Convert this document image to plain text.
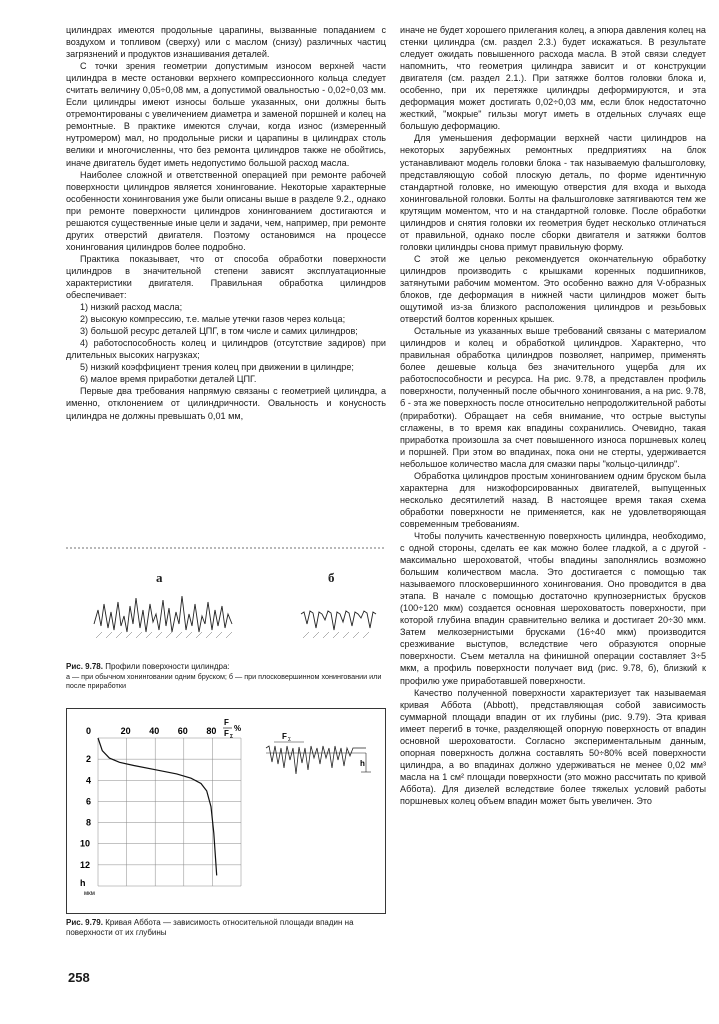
цилиндрах имеются продольные царапины, вызванные попаданием с воздухом и топливом (сверху) или с маслом (снизу) различных частиц загрязнений и продуктов изнашивания деталей.

С точки зрения геометрии допустимым износом верхней части цилиндра в месте остановки верхнего компрессионного кольца следует считать величину 0,05÷0,08 мм, а допустимой овальностью - 0,02÷0,03 мм. Если цилиндры имеют износы больше указанных, они должны быть отремонтированы с увеличением диаметра и заменой поршней и колец на ремонтные. В практике имеются случаи, когда износ (измеренный нутромером) мал, но продольные риски и царапины в цилиндрах столь велики и многочисленны, что без ремонта цилиндров также не обойтись, иначе двигатель будет иметь недопустимо большой расход масла.

Наиболее сложной и ответственной операцией при ремонте рабочей поверхности цилиндров является хонингование. Некоторые характерные особенности хонингования уже были описаны выше в разделе 9.2., однако при ремонте поверхности цилиндров хонингованием достигаются и решаются существенные иные цели и задачи, чем, например, при ремонте других отверстий двигателя. Поэтому остановимся на процессе хонингования цилиндров более подробно.

Практика показывает, что от способа обработки поверхности цилиндров в значительной степени зависят эксплуатационные характеристики двигателя. Правильная обработка цилиндров обеспечивает:

1) низкий расход масла;

2) высокую компрессию, т.е. малые утечки газов через кольца;

3) большой ресурс деталей ЦПГ, в том числе и самих цилиндров;

4) работоспособность колец и цилиндров (отсутствие задиров) при длительных высоких нагрузках;

5) низкий коэффициент трения колец при движении в цилиндре;

6) малое время приработки деталей ЦПГ.

Первые два требования напрямую связаны с геометрией цилиндра, а именно, отклонением от цилиндричности. Овальность и конусность цилиндра не должны превышать 0,01 мм,

а	б
Рис. 9.78. Профили поверхности цилиндра:
а — при обычном хонинговании одним бруском; б — при плосковершинном хонинговании или после приработки
20 40 60 80
2
4
6
8
10
12
0
F
F Σ
%
h
мкм
F Σ
h
Рис. 9.79. Кривая Аббота — зависимость относительной площади впадин на поверхности от их глубины
258

иначе не будет хорошего прилегания колец, а эпюра давления колец на стенки цилиндра (см. раздел 2.3.) будет искажаться. В результате следует ожидать повышенного расхода масла. В этой связи следует напомнить, что геометрия цилиндра зависит и от конструкции двигателя (см. раздел 2.1.). При затяжке болтов головки блока и, особенно, при их перетяжке цилиндры деформируются, и эта деформация может достигать 0,02÷0,03 мм, если блок недостаточно жесткий, "мокрые" гильзы могут иметь в отдельных случаях еще большую деформацию.

Для уменьшения деформации верхней части цилиндров на некоторых зарубежных ремонтных предприятиях на блок устанавливают модель головки блока - так называемую фальшголовку, представляющую собой плоскую деталь, по форме идентичную стандартной головке, но имеющую отверстия для входа и выхода хонинговальной головки. Болты на фальшголовке затягиваются тем же крутящим моментом, что и на стандартной головке. После обработки цилиндров и снятия головки их геометрия будет несколько отличаться от правильной, однако после сборки двигателя и затяжки болтов головки цилиндры снова примут правильную форму.

С этой же целью рекомендуется окончательную обработку цилиндров производить с крышками коренных подшипников, затянутыми рабочим моментом. Это особенно важно для V-образных блоков, где деформация в нижней части цилиндров может быть ощутимой из-за близкого расположения цилиндров и резьбовых отверстий болтов коренных крышек.

Остальные из указанных выше требований связаны с материалом цилиндров и колец и обработкой цилиндров. Характерно, что правильная обработка цилиндров позволяет, например, применять более дешевые кольца без значительного ущерба для их работоспособности и ресурса. На рис. 9.78, а представлен профиль поверхности, полученный после обычного хонингования, а на рис. 9.78, б - эта же поверхность после относительно непродолжительной работы (приработки). Обращает на себя внимание, что острые выступы сглажены, в то время как впадины сохранились. Очевидно, такая приработка произошла за счет повышенного износа поршневых колец и поршней. При этом во впадинах, пока они не стерты, удерживается небольшое количество масла для смазки пары "кольцо-цилиндр".

Обработка цилиндров простым хонингованием одним бруском была характерна для низкофорсированных двигателей, выпущенных несколько десятилетий назад. В настоящее время такая схема обработки поверхности не применяется, как не удовлетворяющая современным требованиям.

Чтобы получить качественную поверхность цилиндра, необходимо, с одной стороны, сделать ее как можно более гладкой, а с другой - максимально шероховатой, чтобы впадины заполнялись возможно большим количеством масла. Это достигается с помощью так называемого плосковершинного хонингования. Оно проводится в два этапа. В начале с помощью достаточно крупнозернистых брусков (100÷120 мкм) создается основная шероховатость поверхности, при которой глубина впадин сравнительно велика и достигает 20÷30 мкм. Затем мелкозернистыми брусками (16÷40 мкм) производится срезживание выступов, вследствие чего образуются опорные поверхности. Съем металла на финишной операции составляет 3÷5 мкм, а профиль поверхности получает вид (рис. 9.78, б), близкий к профилю уже приработавшей поверхности.

Качество полученной поверхности характеризует так называемая кривая Аббота (Abbott), представляющая собой зависимость суммарной площади впадин от их глубины (рис. 9.79). Эта кривая имеет перегиб в точке, разделяющей опорную поверхность от впадин основной шероховатости. Согласно экспериментальным данным, опорная поверхность должна составлять 50÷80% всей поверхности цилиндра, а во впадинах должно удерживаться не менее 0,02 мм³ масла на 1 см² площади поверхности (это можно рассчитать по кривой Аббота). Для дизелей вследствие более тяжелых условий работы поршневых колец объем впадин может быть увеличен. Это
